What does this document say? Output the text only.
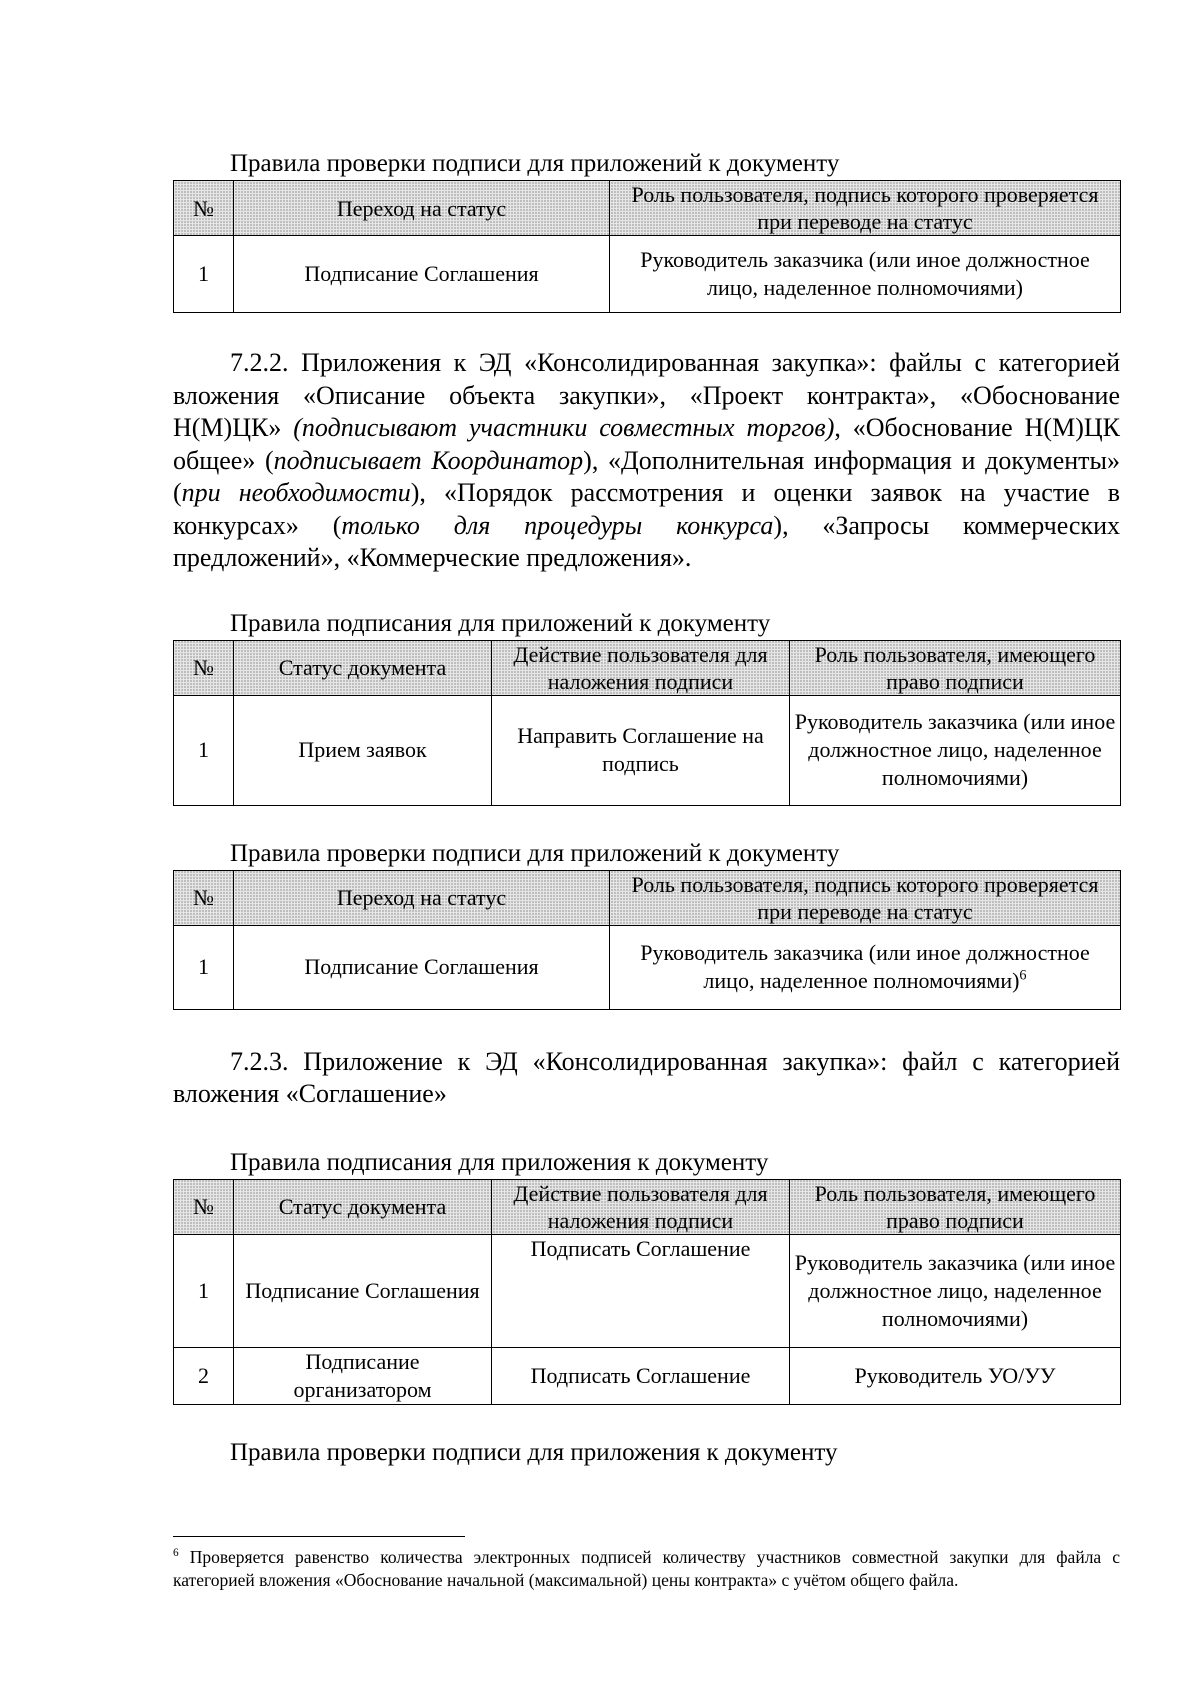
Правила проверки подписи для приложений к документу

№	Переход на статус	Роль пользователя, подпись которого проверяется при переводе на статус
1	Подписание Соглашения	Руководитель заказчика (или иное должностное лицо, наделенное полномочиями)

7.2.2. Приложения к ЭД «Консолидированная закупка»: файлы с категорией вложения «Описание объекта закупки», «Проект контракта», «Обоснование Н(М)ЦК» (подписывают участники совместных торгов), «Обоснование Н(М)ЦК общее» (подписывает Координатор), «Дополнительная информация и документы» (при необходимости), «Порядок рассмотрения и оценки заявок на участие в конкурсах» (только для процедуры конкурса), «Запросы коммерческих предложений», «Коммерческие предложения».

Правила подписания для приложений к документу

№	Статус документа	Действие пользователя для наложения подписи	Роль пользователя, имеющего право подписи
1	Прием заявок	Направить Соглашение на подпись	Руководитель заказчика (или иное должностное лицо, наделенное полномочиями)

Правила проверки подписи для приложений к документу

№	Переход на статус	Роль пользователя, подпись которого проверяется при переводе на статус
1	Подписание Соглашения	Руководитель заказчика (или иное должностное лицо, наделенное полномочиями)$^6$

7.2.3. Приложение к ЭД «Консолидированная закупка»: файл с категорией вложения «Соглашение»

Правила подписания для приложения к документу

№	Статус документа	Действие пользователя для наложения подписи	Роль пользователя, имеющего право подписи
1	Подписание Соглашения	Подписать Соглашение	Руководитель заказчика (или иное должностное лицо, наделенное полномочиями)
2	Подписание организатором	Подписать Соглашение	Руководитель УО/УУ

Правила проверки подписи для приложения к документу

$^6$ Проверяется равенство количества электронных подписей количеству участников совместной закупки для файла с категорией вложения «Обоснование начальной (максимальной) цены контракта» с учётом общего файла.
